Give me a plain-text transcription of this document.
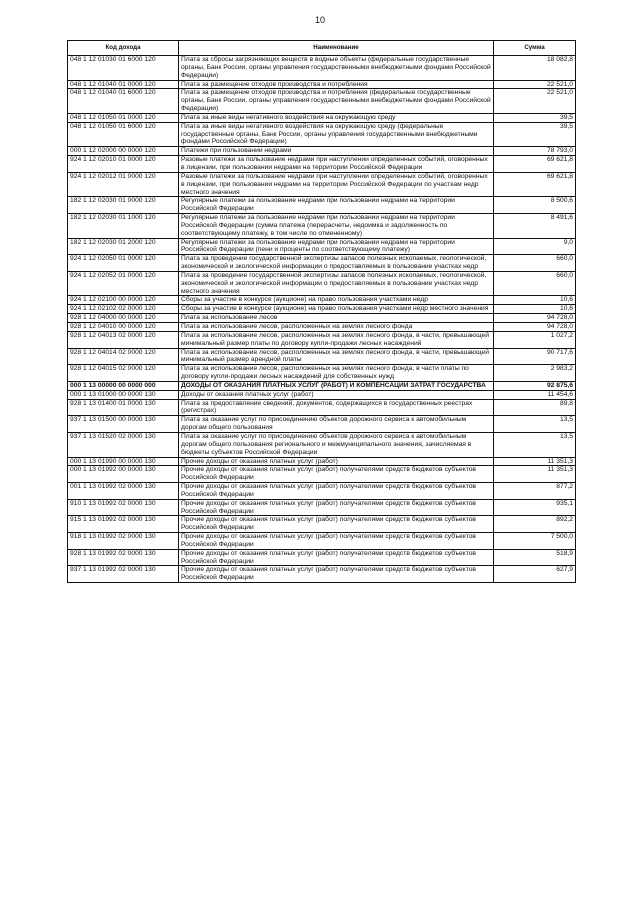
10
Код дохода	Наименование	Сумма
048 1 12 01030 01 6000 120	Плата за сбросы загрязняющих веществ в водные объекты (федеральные государственные органы, Банк России, органы управления государственными внебюджетными фондами Российской Федерации)	18 082,8
048 1 12 01040 01 0000 120	Плата за размещение отходов производства и потребления	22 521,0
048 1 12 01040 01 6000 120	Плата за размещение отходов производства и потребления (федеральные государственные органы, Банк России, органы управления государственными внебюджетными фондами Российской Федерации)	22 521,0
048 1 12 01050 01 0000 120	Плата за иные виды негативного воздействия на окружающую среду	39,5
048 1 12 01050 01 6000 120	Плата за иные виды негативного воздействия на окружающую среду (федеральные государственные органы, Банк России, органы управления государственными внебюджетными фондами Российской Федерации)	39,5
000 1 12 02000 00 0000 120	Платежи при пользовании недрами	78 793,0
924 1 12 02010 01 0000 120	Разовые платежи за пользование недрами при наступлении определенных событий, оговоренных в лицензии, при пользовании недрами на территории Российской Федерации	69 621,8
924 1 12 02012 01 0000 120	Разовые платежи за пользование недрами при наступлении определенных событий, оговоренных в лицензии, при пользовании недрами на территории Российской Федерации по участкам недр местного значения	69 621,8
182 1 12 02030 01 0000 120	Регулярные платежи за пользование недрами при пользовании недрами на территории Российской Федерации	8 500,6
182 1 12 02030 01 1000 120	Регулярные платежи за пользование недрами при пользовании недрами на территории Российской Федерации (сумма платежа (перерасчеты, недоимка и задолженность по соответствующему платежу, в том числе по отмененному)	8 491,6
182 1 12 02030 01 2000 120	Регулярные платежи за пользование недрами при пользовании недрами на территории Российской Федерации (пени и проценты по соответствующему платежу)	9,0
924 1 12 02050 01 0000 120	Плата за проведение государственной экспертизы запасов полезных ископаемых, геологической, экономической и экологической информации о предоставляемых в пользование участках недр	660,0
924 1 12 02052 01 0000 120	Плата за проведение государственной экспертизы запасов полезных ископаемых, геологической, экономической и экологической информации о предоставляемых в пользование участках недр местного значения	660,0
924 1 12 02100 00 0000 120	Сборы за участие в конкурсе (аукционе) на право пользования участками недр	10,6
924 1 12 02102 02 0000 120	Сборы за участие в конкурсе (аукционе) на право пользования участками недр местного значения	10,6
928 1 12 04000 00 0000 120	Плата за использование лесов	94 728,0
928 1 12 04010 00 0000 120	Плата за использование лесов, расположенных на землях лесного фонда	94 728,0
928 1 12 04013 02 0000 120	Плата за использование лесов, расположенных на землях лесного фонда, в части, превышающей минимальный размер платы по договору купли-продажи лесных насаждений	1 027,2
928 1 12 04014 02 0000 120	Плата за использование лесов, расположенных на землях лесного фонда, в части, превышающей минимальный размер арендной платы	90 717,6
928 1 12 04015 02 0000 120	Плата за использование лесов, расположенных на землях лесного фонда, в части платы по договору купли-продажи лесных насаждений для собственных нужд	2 983,2
000 1 13 00000 00 0000 000	ДОХОДЫ ОТ ОКАЗАНИЯ ПЛАТНЫХ УСЛУГ (РАБОТ) И КОМПЕНСАЦИИ ЗАТРАТ ГОСУДАРСТВА	92 875,6
000 1 13 01000 00 0000 130	Доходы от оказания платных услуг (работ)	11 454,6
928 1 13 01400 01 0000 130	Плата за предоставление сведений, документов, содержащихся в государственных реестрах (регистрах)	89,8
937 1 13 01500 00 0000 130	Плата за оказание услуг по присоединению объектов дорожного сервиса к автомобильным дорогам общего пользования	13,5
937 1 13 01520 02 0000 130	Плата за оказание услуг по присоединению объектов дорожного сервиса к автомобильным дорогам общего пользования регионального и межмуниципального значения, зачисляемая в бюджеты субъектов Российской Федерации	13,5
000 1 13 01990 00 0000 130	Прочие доходы от оказания платных услуг (работ)	11 351,3
000 1 13 01992 00 0000 130	Прочие доходы от оказания платных услуг (работ) получателями средств бюджетов субъектов Российской Федерации	11 351,3
001 1 13 01992 02 0000 130	Прочие доходы от оказания платных услуг (работ) получателями средств бюджетов субъектов Российской Федерации	877,2
910 1 13 01992 02 0000 130	Прочие доходы от оказания платных услуг (работ) получателями средств бюджетов субъектов Российской Федерации	935,1
915 1 13 01992 02 0000 130	Прочие доходы от оказания платных услуг (работ) получателями средств бюджетов субъектов Российской Федерации	892,2
918 1 13 01992 02 0000 130	Прочие доходы от оказания платных услуг (работ) получателями средств бюджетов субъектов Российской Федерации	7 500,0
928 1 13 01992 02 0000 130	Прочие доходы от оказания платных услуг (работ) получателями средств бюджетов субъектов Российской Федерации	518,9
937 1 13 01992 02 0000 130	Прочие доходы от оказания платных услуг (работ) получателями средств бюджетов субъектов Российской Федерации	627,9
